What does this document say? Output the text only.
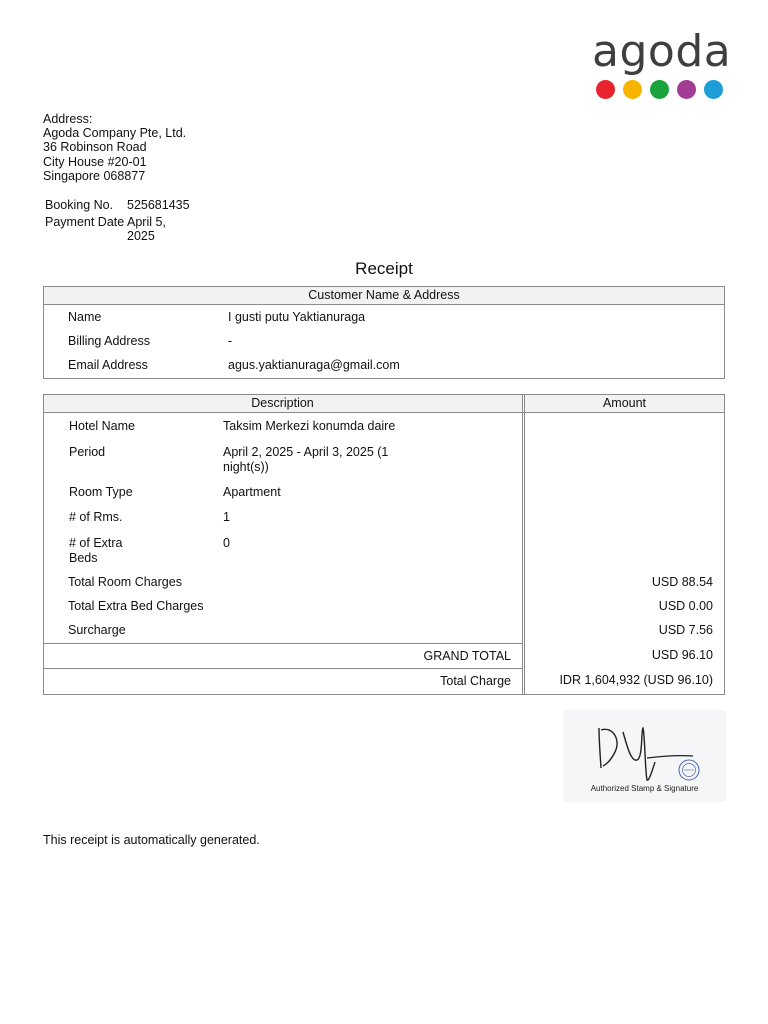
agoda
Address:
Agoda Company Pte, Ltd.
36 Robinson Road
City House #20-01
Singapore 068877
Booking No. 525681435
Payment Date April 5,
2025
Receipt
Customer Name & Address
Name	I gusti putu Yaktianuraga
Billing Address	-
Email Address	agus.yaktianuraga@gmail.com
Description	Amount
Hotel Name	Taksim Merkezi konumda daire
Period	April 2, 2025 - April 3, 2025 (1
night(s))
Room Type	Apartment
# of Rms.	1
# of Extra
Beds
0
Total Room Charges	USD 88.54
Total Extra Bed Charges	USD 0.00
Surcharge	USD 7.56
GRAND TOTAL	USD 96.10
Total Charge	IDR 1,604,932 (USD 96.10)
Authorized Stamp & Signature
This receipt is automatically generated.
